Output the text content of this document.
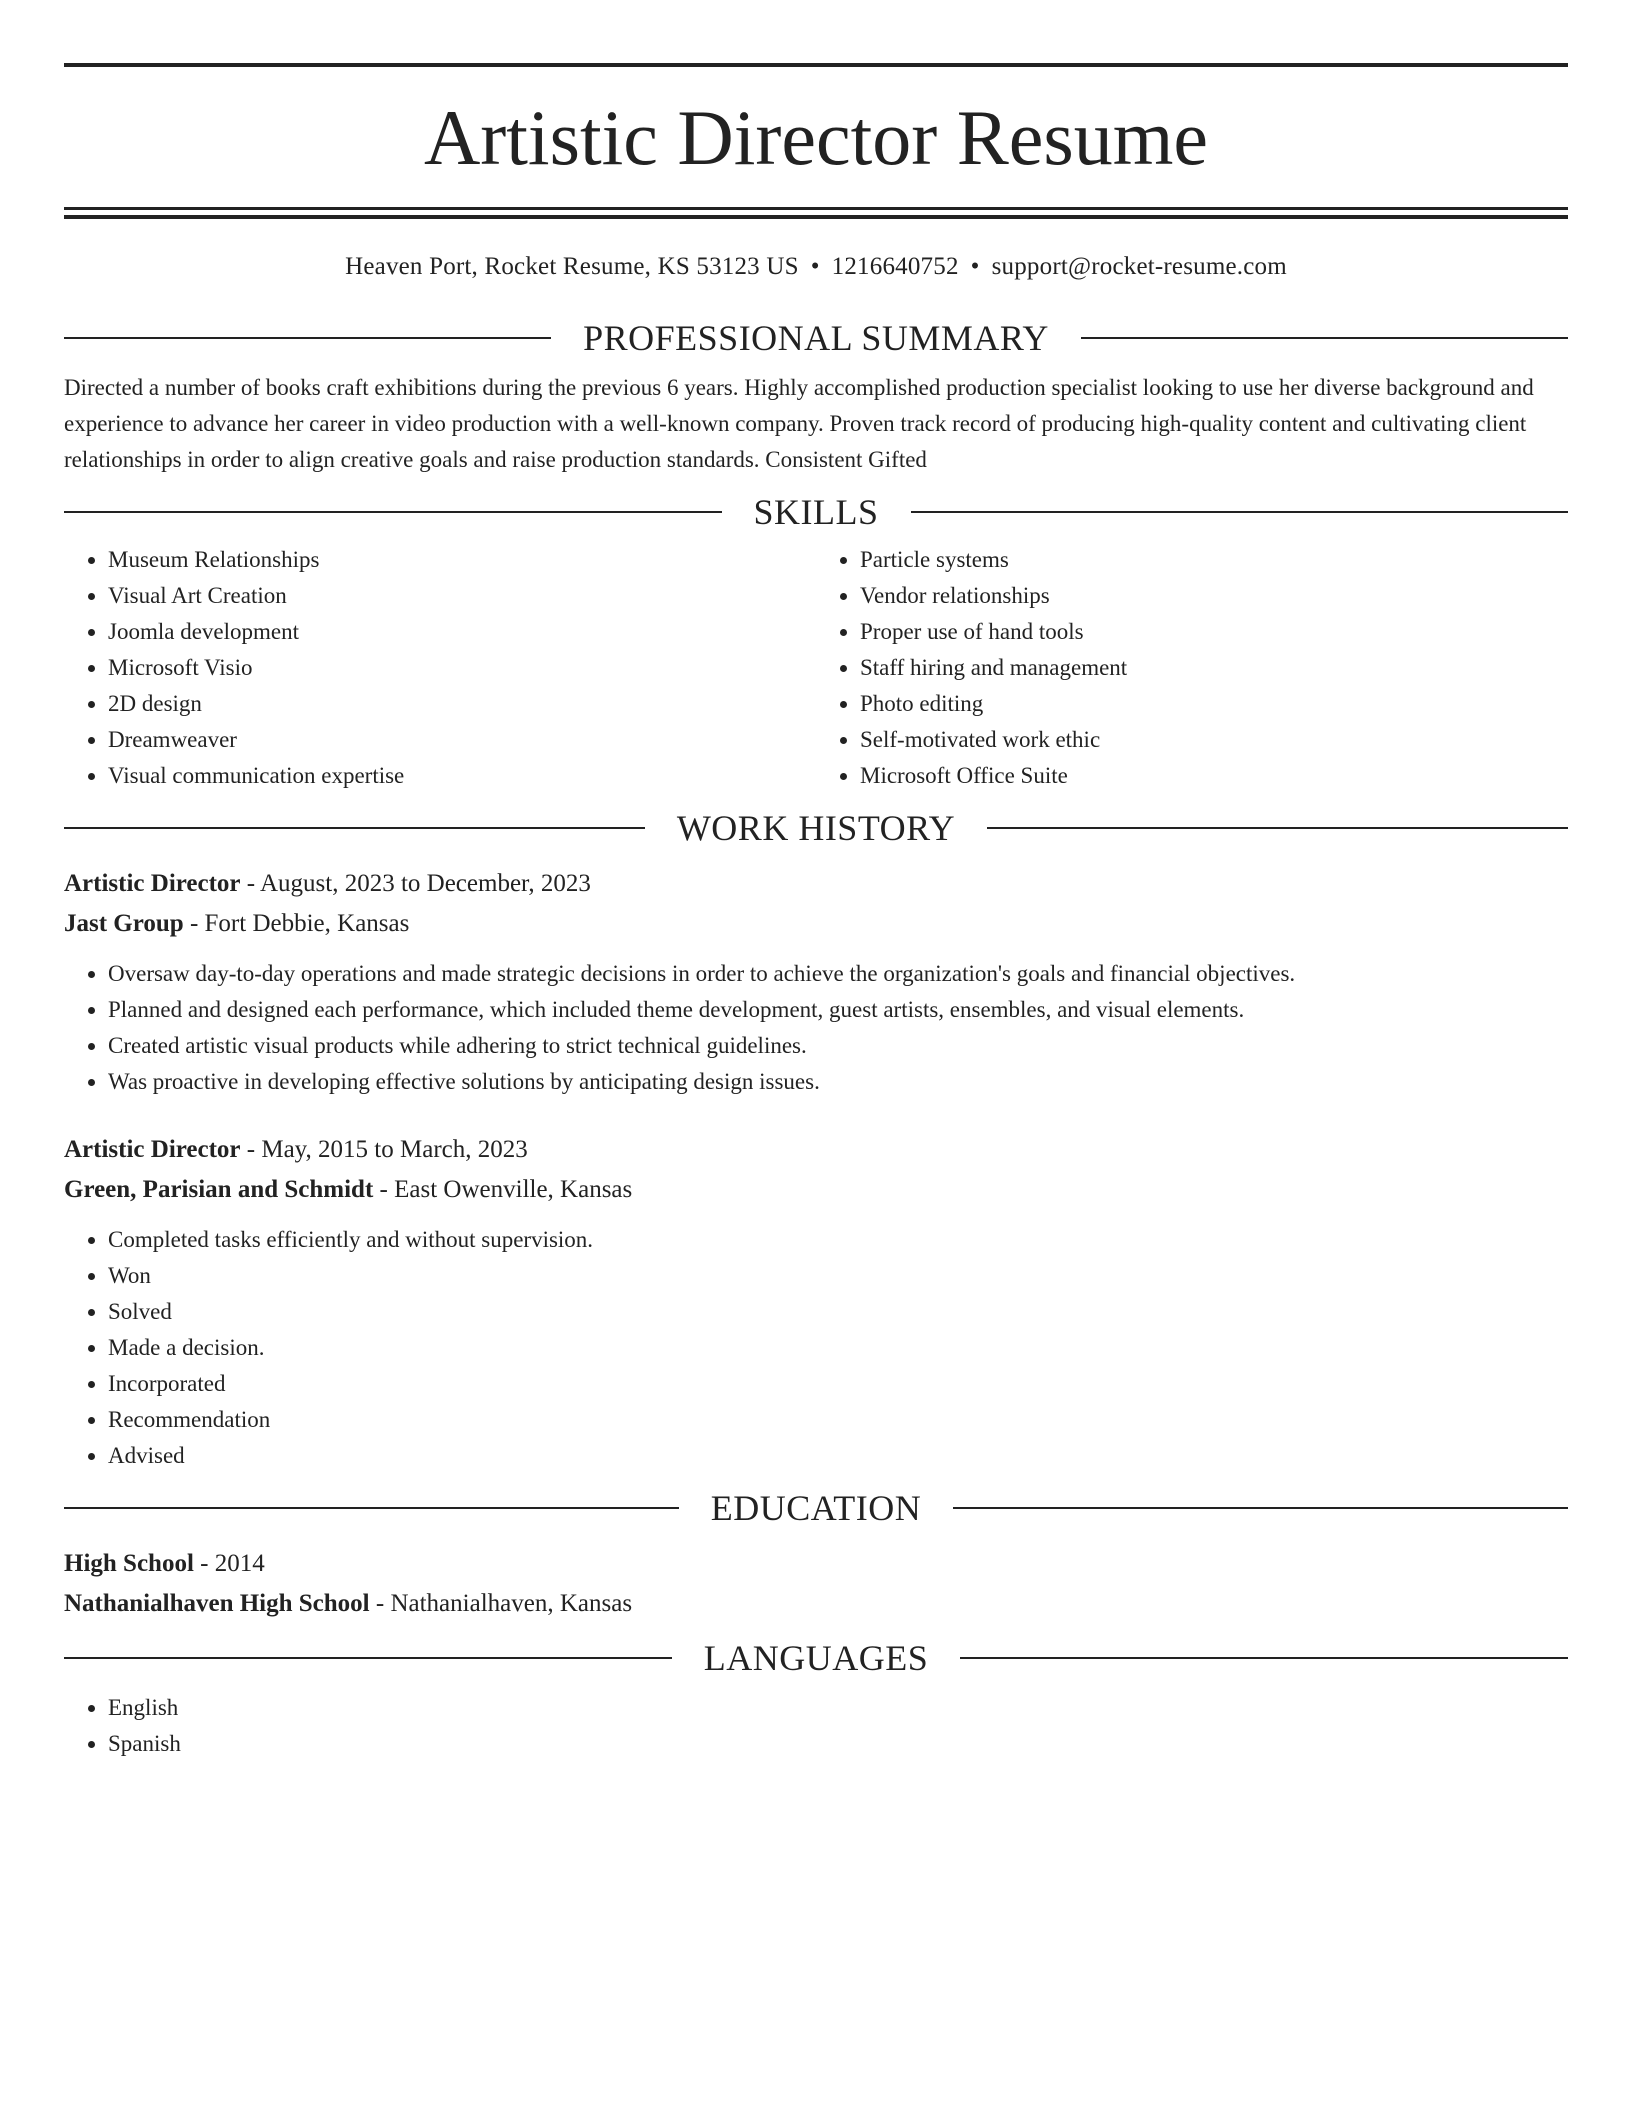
Artistic Director Resume
Heaven Port, Rocket Resume, KS 53123 US • 1216640752 • support@rocket-resume.com
PROFESSIONAL SUMMARY

Directed a number of books craft exhibitions during the previous 6 years. Highly accomplished production specialist looking to use her diverse background and experience to advance her career in video production with a well-known company. Proven track record of producing high-quality content and cultivating client relationships in order to align creative goals and raise production standards. Consistent Gifted

SKILLS
• Museum Relationships
• Visual Art Creation
• Joomla development
• Microsoft Visio
• 2D design
• Dreamweaver
• Visual communication expertise
• Particle systems
• Vendor relationships
• Proper use of hand tools
• Staff hiring and management
• Photo editing
• Self-motivated work ethic
• Microsoft Office Suite
WORK HISTORY

Artistic Director - August, 2023 to December, 2023

Jast Group - Fort Debbie, Kansas

• Oversaw day-to-day operations and made strategic decisions in order to achieve the organization's goals and financial objectives.
• Planned and designed each performance, which included theme development, guest artists, ensembles, and visual elements.
• Created artistic visual products while adhering to strict technical guidelines.
• Was proactive in developing effective solutions by anticipating design issues.

Artistic Director - May, 2015 to March, 2023

Green, Parisian and Schmidt - East Owenville, Kansas

• Completed tasks efficiently and without supervision.
• Won
• Solved
• Made a decision.
• Incorporated
• Recommendation
• Advised
EDUCATION

High School - 2014

Nathanialhaven High School - Nathanialhaven, Kansas

LANGUAGES
• English
• Spanish
